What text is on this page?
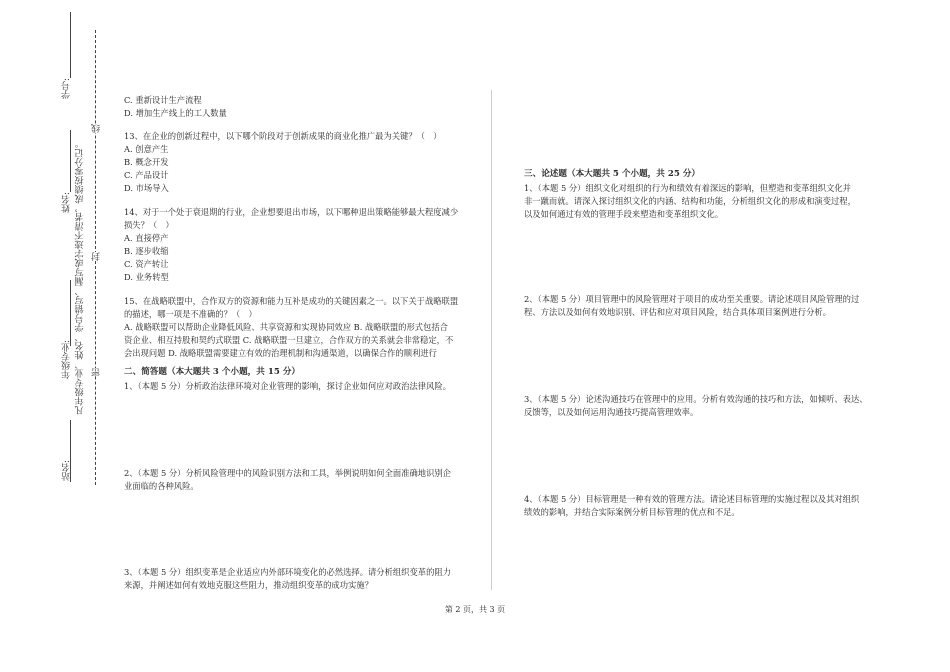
站名:
年级专业:
姓名:
学号:
凡年级专业、姓名、学号错写、漏写或字迹不清者，成绩按零分记。 密
封
线
C. 重新设计生产流程
D. 增加生产线上的工人数量
13、在企业的创新过程中，以下哪个阶段对于创新成果的商业化推广最为关键？（　）
A. 创意产生
B. 概念开发
C. 产品设计
D. 市场导入
14、对于一个处于衰退期的行业，企业想要退出市场，以下哪种退出策略能够最大程度减少
损失？（　）
A. 直接停产
B. 逐步收缩
C. 资产转让
D. 业务转型
15、在战略联盟中，合作双方的资源和能力互补是成功的关键因素之一。以下关于战略联盟
的描述，哪一项是不准确的？（　）
A. 战略联盟可以帮助企业降低风险、共享资源和实现协同效应 B. 战略联盟的形式包括合
资企业、相互持股和契约式联盟 C. 战略联盟一旦建立，合作双方的关系就会非常稳定，不
会出现问题 D. 战略联盟需要建立有效的治理机制和沟通渠道，以确保合作的顺利进行
二、简答题（本大题共 3 个小题，共 15 分）
1、（本题 5 分）分析政治法律环境对企业管理的影响，探讨企业如何应对政治法律风险。
2、（本题 5 分）分析风险管理中的风险识别方法和工具，举例说明如何全面准确地识别企
业面临的各种风险。
3、（本题 5 分）组织变革是企业适应内外部环境变化的必然选择。请分析组织变革的阻力
来源，并阐述如何有效地克服这些阻力，推动组织变革的成功实施？
三、论述题（本大题共 5 个小题，共 25 分）
1、（本题 5 分）组织文化对组织的行为和绩效有着深远的影响，但塑造和变革组织文化并
非一蹴而就。请深入探讨组织文化的内涵、结构和功能，分析组织文化的形成和演变过程，
以及如何通过有效的管理手段来塑造和变革组织文化。
2、（本题 5 分）项目管理中的风险管理对于项目的成功至关重要。请论述项目风险管理的过
程、方法以及如何有效地识别、评估和应对项目风险，结合具体项目案例进行分析。
3、（本题 5 分）论述沟通技巧在管理中的应用。分析有效沟通的技巧和方法，如倾听、表达、
反馈等，以及如何运用沟通技巧提高管理效率。
4、（本题 5 分）目标管理是一种有效的管理方法。请论述目标管理的实施过程以及其对组织
绩效的影响，并结合实际案例分析目标管理的优点和不足。
第 2 页，共 3 页
